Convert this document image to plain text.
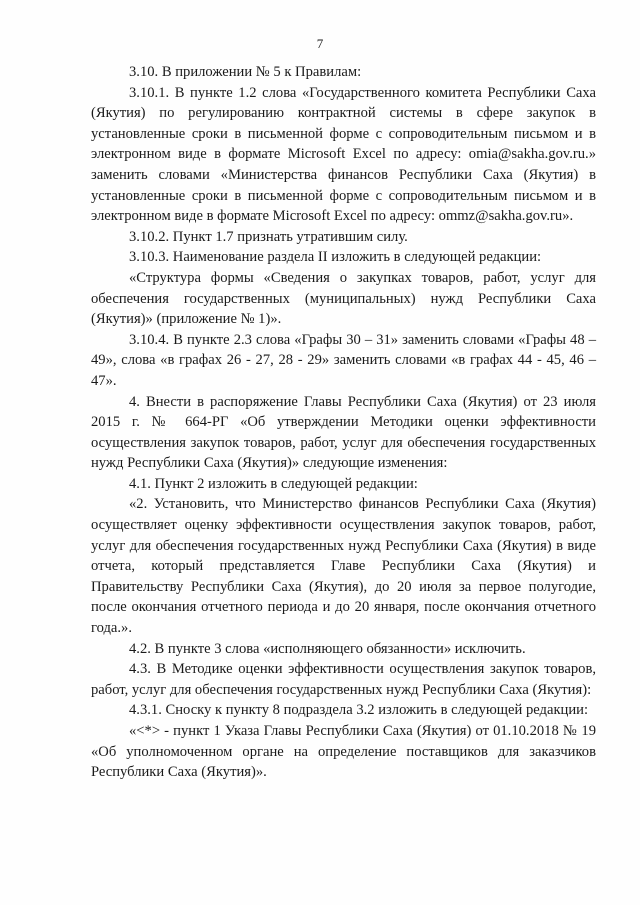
7

3.10. В приложении № 5 к Правилам:

3.10.1. В пункте 1.2 слова «Государственного комитета Республики Саха (Якутия) по регулированию контрактной системы в сфере закупок в установленные сроки в письменной форме с сопроводительным письмом и в электронном виде в формате Microsoft Excel по адресу: omia@sakha.gov.ru.» заменить словами «Министерства финансов Республики Саха (Якутия) в установленные сроки в письменной форме с сопроводительным письмом и в электронном виде в формате Microsoft Excel по адресу: ommz@sakha.gov.ru».

3.10.2. Пункт 1.7 признать утратившим силу.

3.10.3. Наименование раздела II изложить в следующей редакции:

«Структура формы «Сведения о закупках товаров, работ, услуг для обеспечения государственных (муниципальных) нужд Республики Саха (Якутия)» (приложение № 1)».

3.10.4. В пункте 2.3 слова «Графы 30 – 31» заменить словами «Графы 48 – 49», слова «в графах 26 - 27, 28 - 29» заменить словами «в графах 44 - 45, 46 – 47».

4. Внести в распоряжение Главы Республики Саха (Якутия) от 23 июля 2015 г. № 664-РГ «Об утверждении Методики оценки эффективности осуществления закупок товаров, работ, услуг для обеспечения государственных нужд Республики Саха (Якутия)» следующие изменения:

4.1. Пункт 2 изложить в следующей редакции:

«2. Установить, что Министерство финансов Республики Саха (Якутия) осуществляет оценку эффективности осуществления закупок товаров, работ, услуг для обеспечения государственных нужд Республики Саха (Якутия) в виде отчета, который представляется Главе Республики Саха (Якутия) и Правительству Республики Саха (Якутия), до 20 июля за первое полугодие, после окончания отчетного периода и до 20 января, после окончания отчетного года.».

4.2. В пункте 3 слова «исполняющего обязанности» исключить.

4.3. В Методике оценки эффективности осуществления закупок товаров, работ, услуг для обеспечения государственных нужд Республики Саха (Якутия):

4.3.1. Сноску к пункту 8 подраздела 3.2 изложить в следующей редакции:

«<*> - пункт 1 Указа Главы Республики Саха (Якутия) от 01.10.2018 № 19 «Об уполномоченном органе на определение поставщиков для заказчиков Республики Саха (Якутия)».
